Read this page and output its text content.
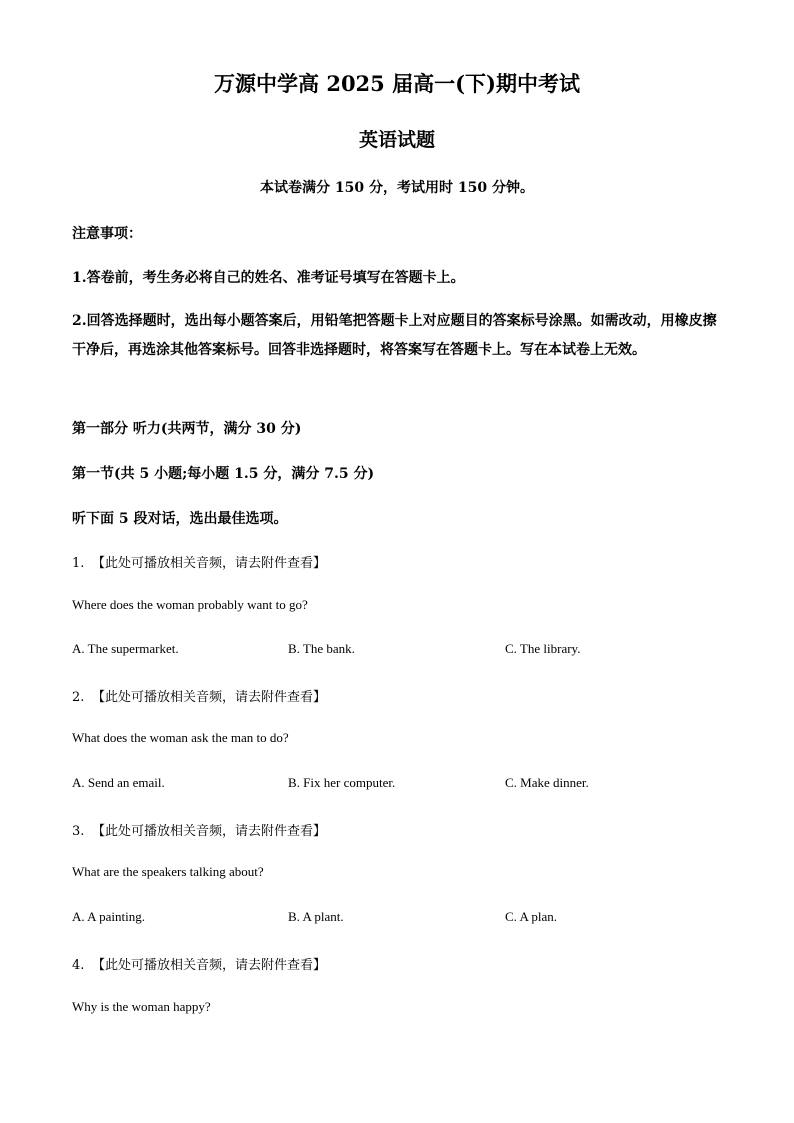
万源中学高 2025 届高一(下)期中考试
英语试题
本试卷满分 150 分，考试用时 150 分钟。
注意事项：
1.答卷前，考生务必将自己的姓名、准考证号填写在答题卡上。
2.回答选择题时，选出每小题答案后，用铅笔把答题卡上对应题目的答案标号涂黑。如需改动，用橡皮擦干净后，再选涂其他答案标号。回答非选择题时，将答案写在答题卡上。写在本试卷上无效。
第一部分 听力(共两节，满分 30 分)
第一节(共 5 小题;每小题 1.5 分，满分 7.5 分)
听下面 5 段对话，选出最佳选项。
1. 【此处可播放相关音频，请去附件查看】
Where does the woman probably want to go?
A. The supermarket.	B. The bank.	C. The library.
2. 【此处可播放相关音频，请去附件查看】
What does the woman ask the man to do?
A. Send an email.	B. Fix her computer.	C. Make dinner.
3. 【此处可播放相关音频，请去附件查看】
What are the speakers talking about?
A. A painting.	B. A plant.	C. A plan.
4. 【此处可播放相关音频，请去附件查看】
Why is the woman happy?
